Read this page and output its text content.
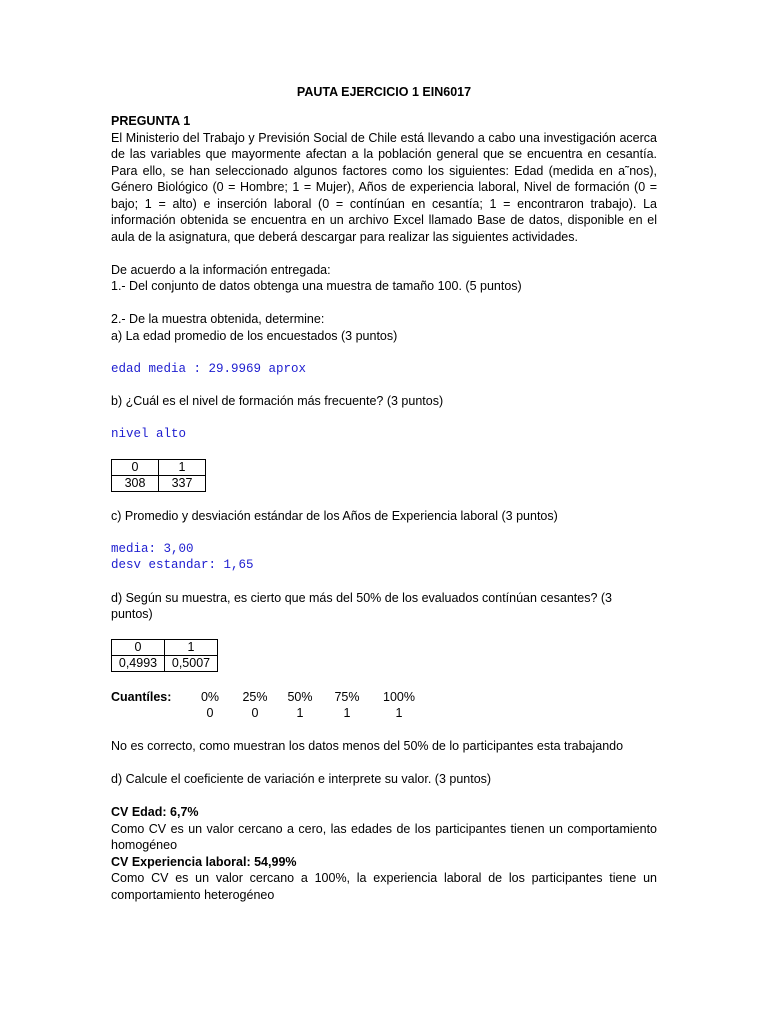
PAUTA EJERCICIO 1 EIN6017
PREGUNTA 1
El Ministerio del Trabajo y Previsión Social de Chile está llevando a cabo una investigación acerca
de las variables que mayormente afectan a la población general que se encuentra en cesantía. Para ello, se han seleccionado algunos factores como los siguientes: Edad (medida en a˜nos), Género Biológico (0 = Hombre; 1 = Mujer), Años de experiencia laboral, Nivel de formación (0 = bajo; 1 = alto) e inserción laboral (0 = contínúan en cesantía; 1 = encontraron trabajo). La información obtenida se encuentra en un archivo Excel llamado Base de datos, disponible en el aula de la asignatura, que deberá descargar para realizar las siguientes actividades.
De acuerdo a la información entregada:
1.- Del conjunto de datos obtenga una muestra de tamaño 100. (5 puntos)
2.- De la muestra obtenida, determine:
a) La edad promedio de los encuestados (3 puntos)
edad media : 29.9969 aprox
b) ¿Cuál es el nivel de formación más frecuente? (3 puntos)
nivel alto
0	1
308	337
c) Promedio y desviación estándar de los Años de Experiencia laboral (3 puntos)
media: 3,00
desv estandar: 1,65
d) Según su muestra, es cierto que más del 50% de los evaluados contínúan cesantes? (3 puntos)
0	1
0,4993	0,5007
Cuantíles:	0%	25%	50%	75%	100%
0	0	1	1	1
No es correcto, como muestran los datos menos del 50% de lo participantes esta trabajando
d) Calcule el coeficiente de variación e interprete su valor. (3 puntos)
CV Edad: 6,7%
Como CV es un valor cercano a cero, las edades de los participantes tienen un comportamiento homogéneo
CV Experiencia laboral: 54,99%
Como CV es un valor cercano a 100%, la experiencia laboral de los participantes tiene un comportamiento heterogéneo
